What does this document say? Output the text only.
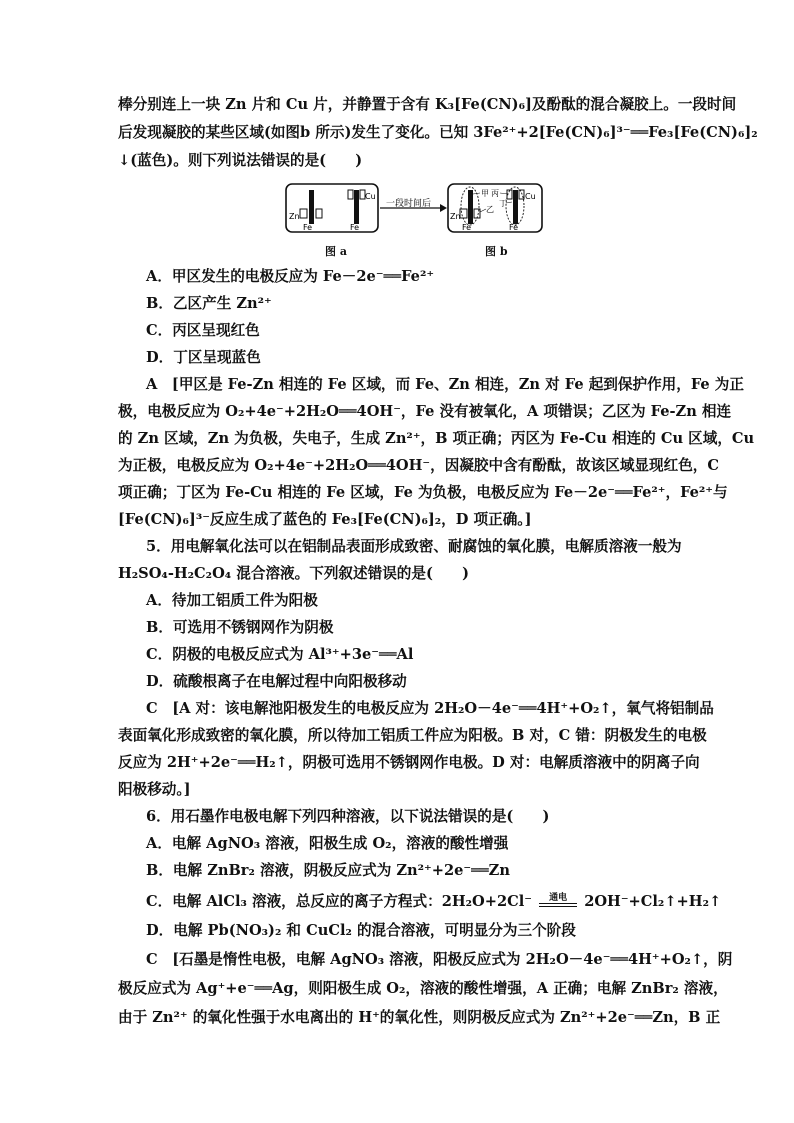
棒分别连上一块 Zn 片和 Cu 片，并静置于含有 K₃[Fe(CN)₆]及酚酞的混合凝胶上。一段时间
后发现凝胶的某些区域(如图b 所示)发生了变化。已知 3Fe²⁺+2[Fe(CN)₆]³⁻══Fe₃[Fe(CN)₆]₂
↓(蓝色)。则下列说法错误的是(　　)
Zn
Fe
Cu
Fe
一段时间后
Zn
Fe
Cu
Fe
甲 丙
乙
丁
图 a	图 b
A．甲区发生的电极反应为 Fe－2e⁻══Fe²⁺
B．乙区产生 Zn²⁺
C．丙区呈现红色
D．丁区呈现蓝色
A　[甲区是 Fe-Zn 相连的 Fe 区域，而 Fe、Zn 相连，Zn 对 Fe 起到保护作用，Fe 为正
极，电极反应为 O₂+4e⁻+2H₂O══4OH⁻，Fe 没有被氧化，A 项错误；乙区为 Fe-Zn 相连
的 Zn 区域，Zn 为负极，失电子，生成 Zn²⁺，B 项正确；丙区为 Fe-Cu 相连的 Cu 区域，Cu
为正极，电极反应为 O₂+4e⁻+2H₂O══4OH⁻，因凝胶中含有酚酞，故该区域显现红色，C
项正确；丁区为 Fe-Cu 相连的 Fe 区域，Fe 为负极，电极反应为 Fe－2e⁻══Fe²⁺，Fe²⁺与
[Fe(CN)₆]³⁻反应生成了蓝色的 Fe₃[Fe(CN)₆]₂，D 项正确。]
5．用电解氧化法可以在铝制品表面形成致密、耐腐蚀的氧化膜，电解质溶液一般为
H₂SO₄-H₂C₂O₄ 混合溶液。下列叙述错误的是(　　)
A．待加工铝质工件为阳极
B．可选用不锈钢网作为阴极
C．阴极的电极反应式为 Al³⁺+3e⁻══Al
D．硫酸根离子在电解过程中向阳极移动
C　[A 对：该电解池阳极发生的电极反应为 2H₂O－4e⁻══4H⁺+O₂↑，氧气将铝制品
表面氧化形成致密的氧化膜，所以待加工铝质工件应为阳极。B 对，C 错：阴极发生的电极
反应为 2H⁺+2e⁻══H₂↑，阴极可选用不锈钢网作电极。D 对：电解质溶液中的阴离子向
阳极移动。]
6．用石墨作电极电解下列四种溶液，以下说法错误的是(　　)
A．电解 AgNO₃ 溶液，阳极生成 O₂，溶液的酸性增强
B．电解 ZnBr₂ 溶液，阴极反应式为 Zn²⁺+2e⁻══Zn
C．电解 AlCl₃ 溶液，总反应的离子方程式：2H₂O+2Cl⁻	通电	2OH⁻+Cl₂↑+H₂↑
D．电解 Pb(NO₃)₂ 和 CuCl₂ 的混合溶液，可明显分为三个阶段
C　[石墨是惰性电极，电解 AgNO₃ 溶液，阳极反应式为 2H₂O－4e⁻══4H⁺+O₂↑，阴
极反应式为 Ag⁺+e⁻══Ag，则阳极生成 O₂，溶液的酸性增强，A 正确；电解 ZnBr₂ 溶液，
由于 Zn²⁺ 的氧化性强于水电离出的 H⁺的氧化性，则阴极反应式为 Zn²⁺+2e⁻══Zn，B 正
